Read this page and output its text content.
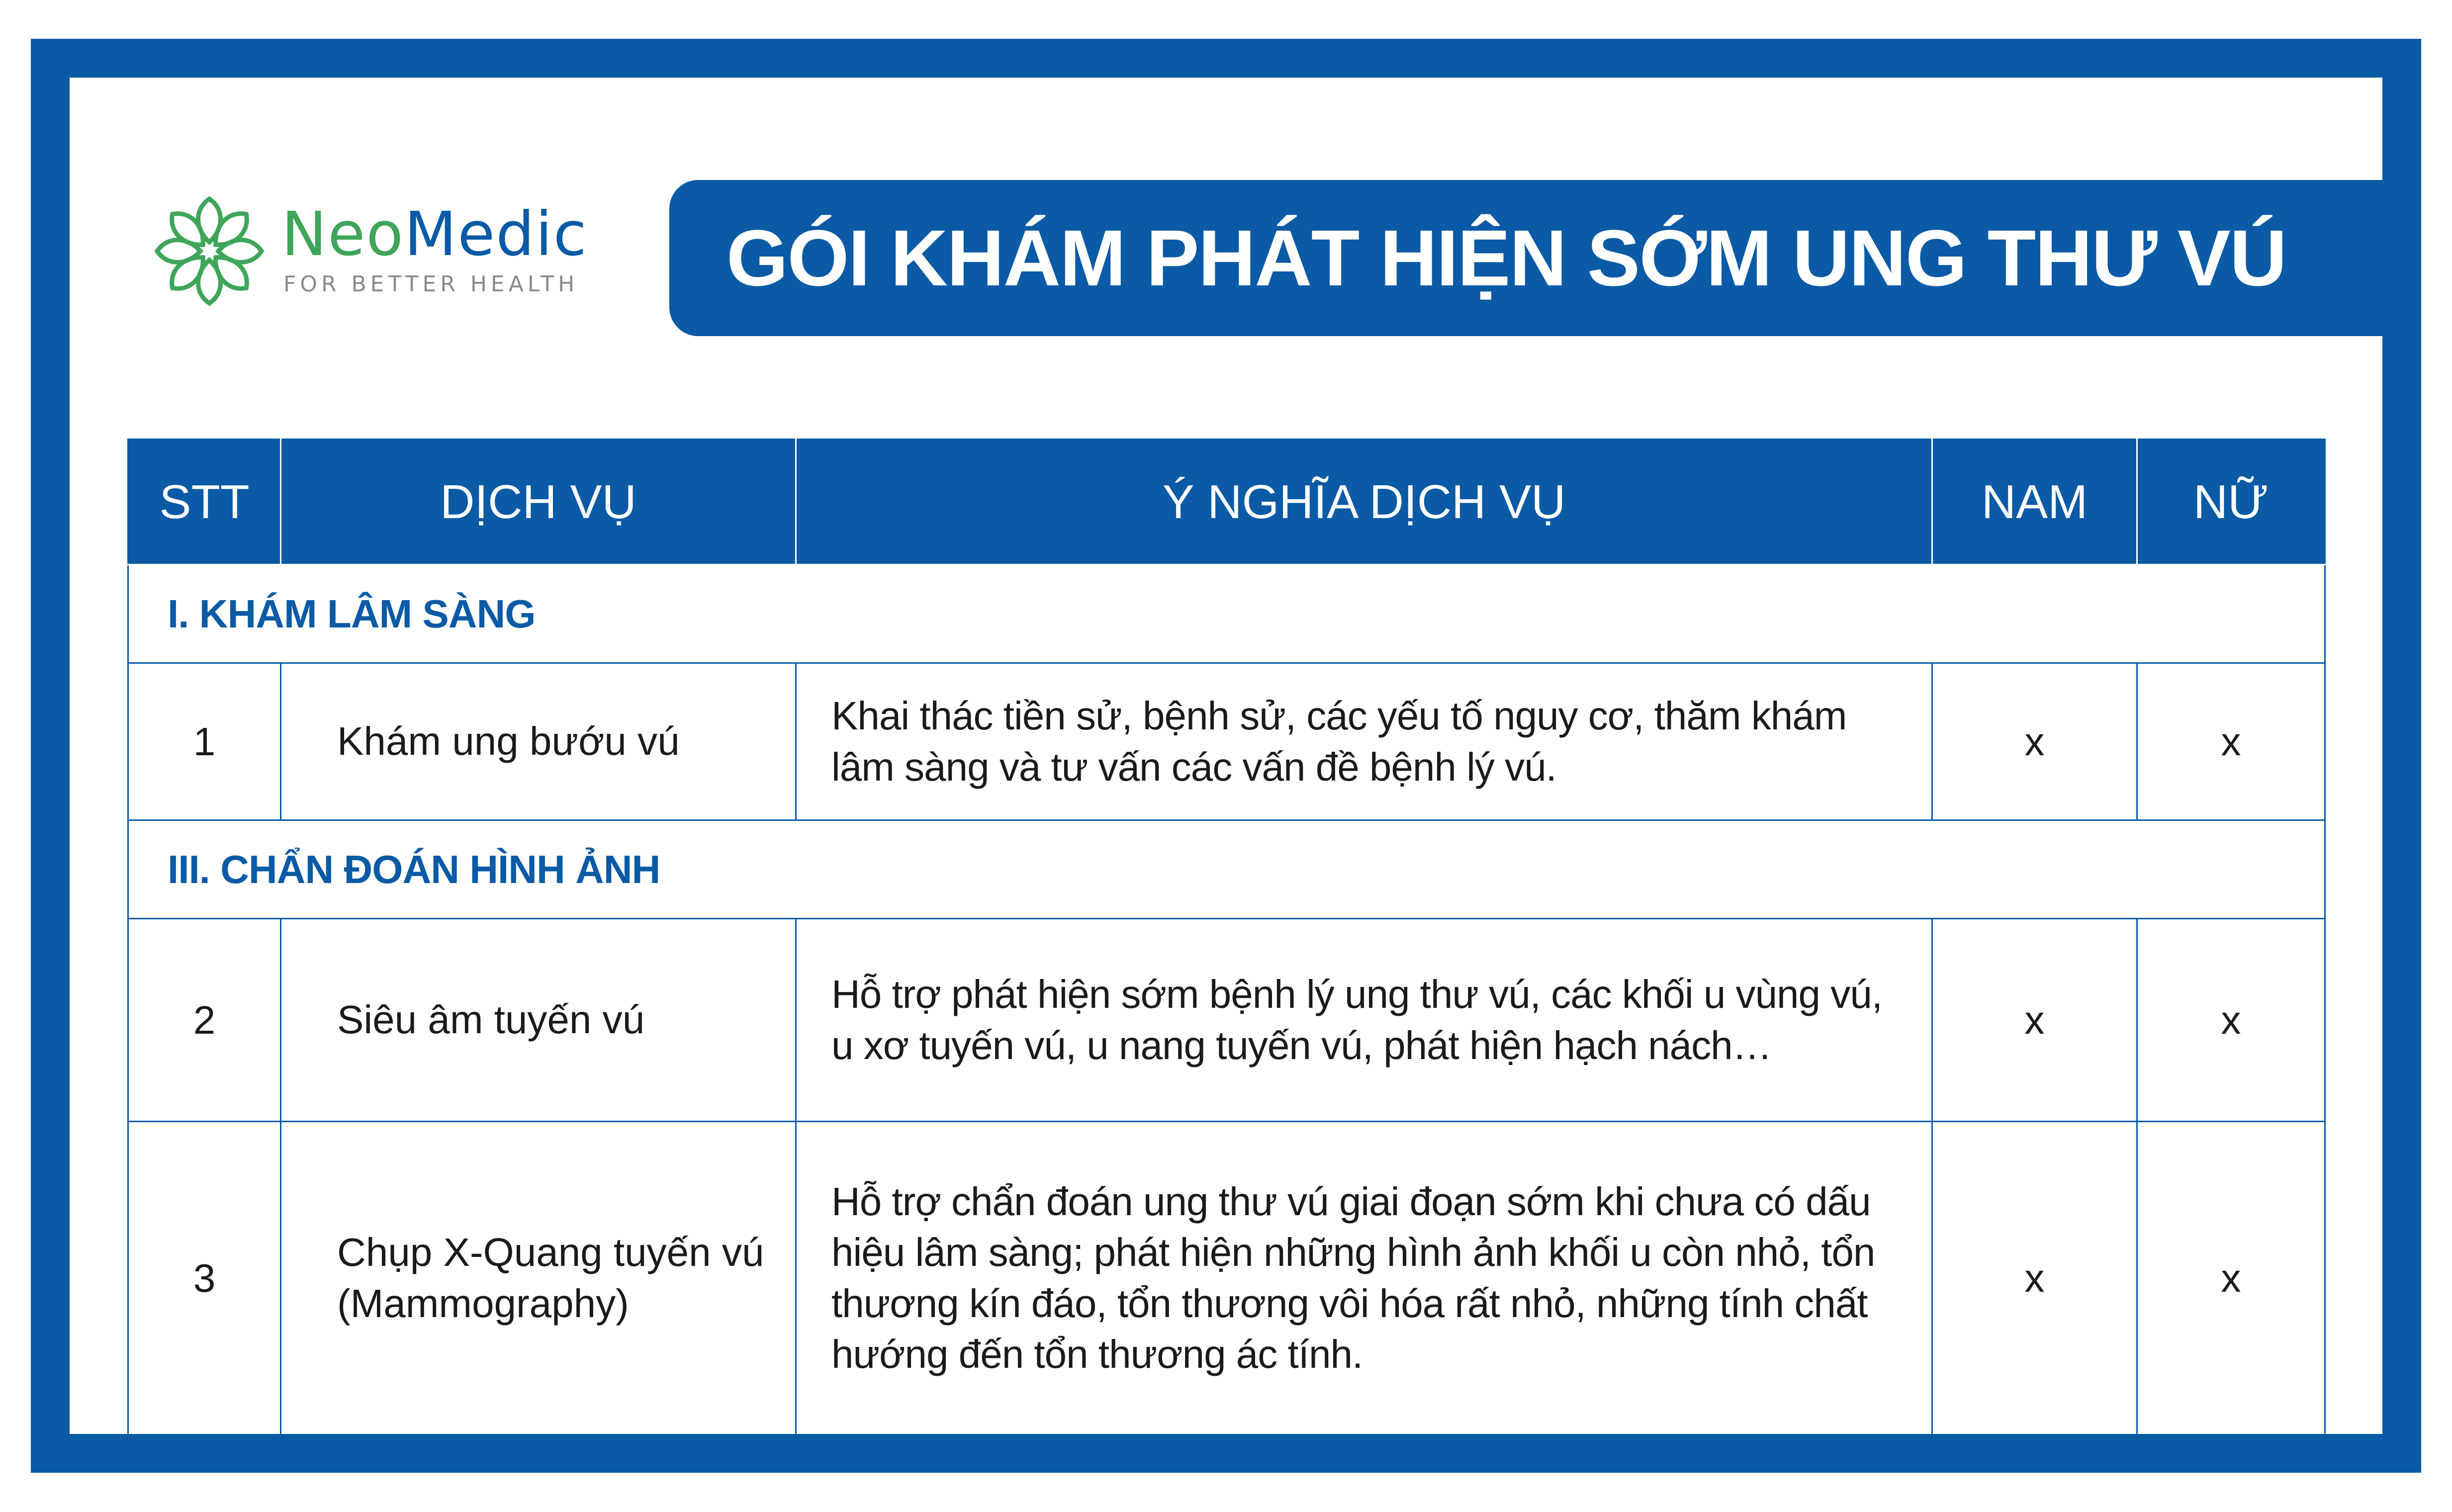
NeoMedic
FOR BETTER HEALTH GÓI KHÁM PHÁT HIỆN SỚM UNG THƯ VÚ
STT	DỊCH VỤ	Ý NGHĨA DỊCH VỤ	NAM	NỮ
I. KHÁM LÂM SÀNG				
1	Khám ung bướu vú	Khai thác tiền sử, bệnh sử, các yếu tố nguy cơ, thăm khám lâm sàng và tư vấn các vấn đề bệnh lý vú.	x	x
III. CHẨN ĐOÁN HÌNH ẢNH				
2	Siêu âm tuyến vú	Hỗ trợ phát hiện sớm bệnh lý ung thư vú, các khối u vùng vú, u xơ tuyến vú, u nang tuyến vú, phát hiện hạch nách…	x	x
3	Chụp X-Quang tuyến vú (Mammography)	Hỗ trợ chẩn đoán ung thư vú giai đoạn sớm khi chưa có dấu hiệu lâm sàng; phát hiện những hình ảnh khối u còn nhỏ, tổn thương kín đáo, tổn thương vôi hóa rất nhỏ, những tính chất hướng đến tổn thương ác tính.	x	x
